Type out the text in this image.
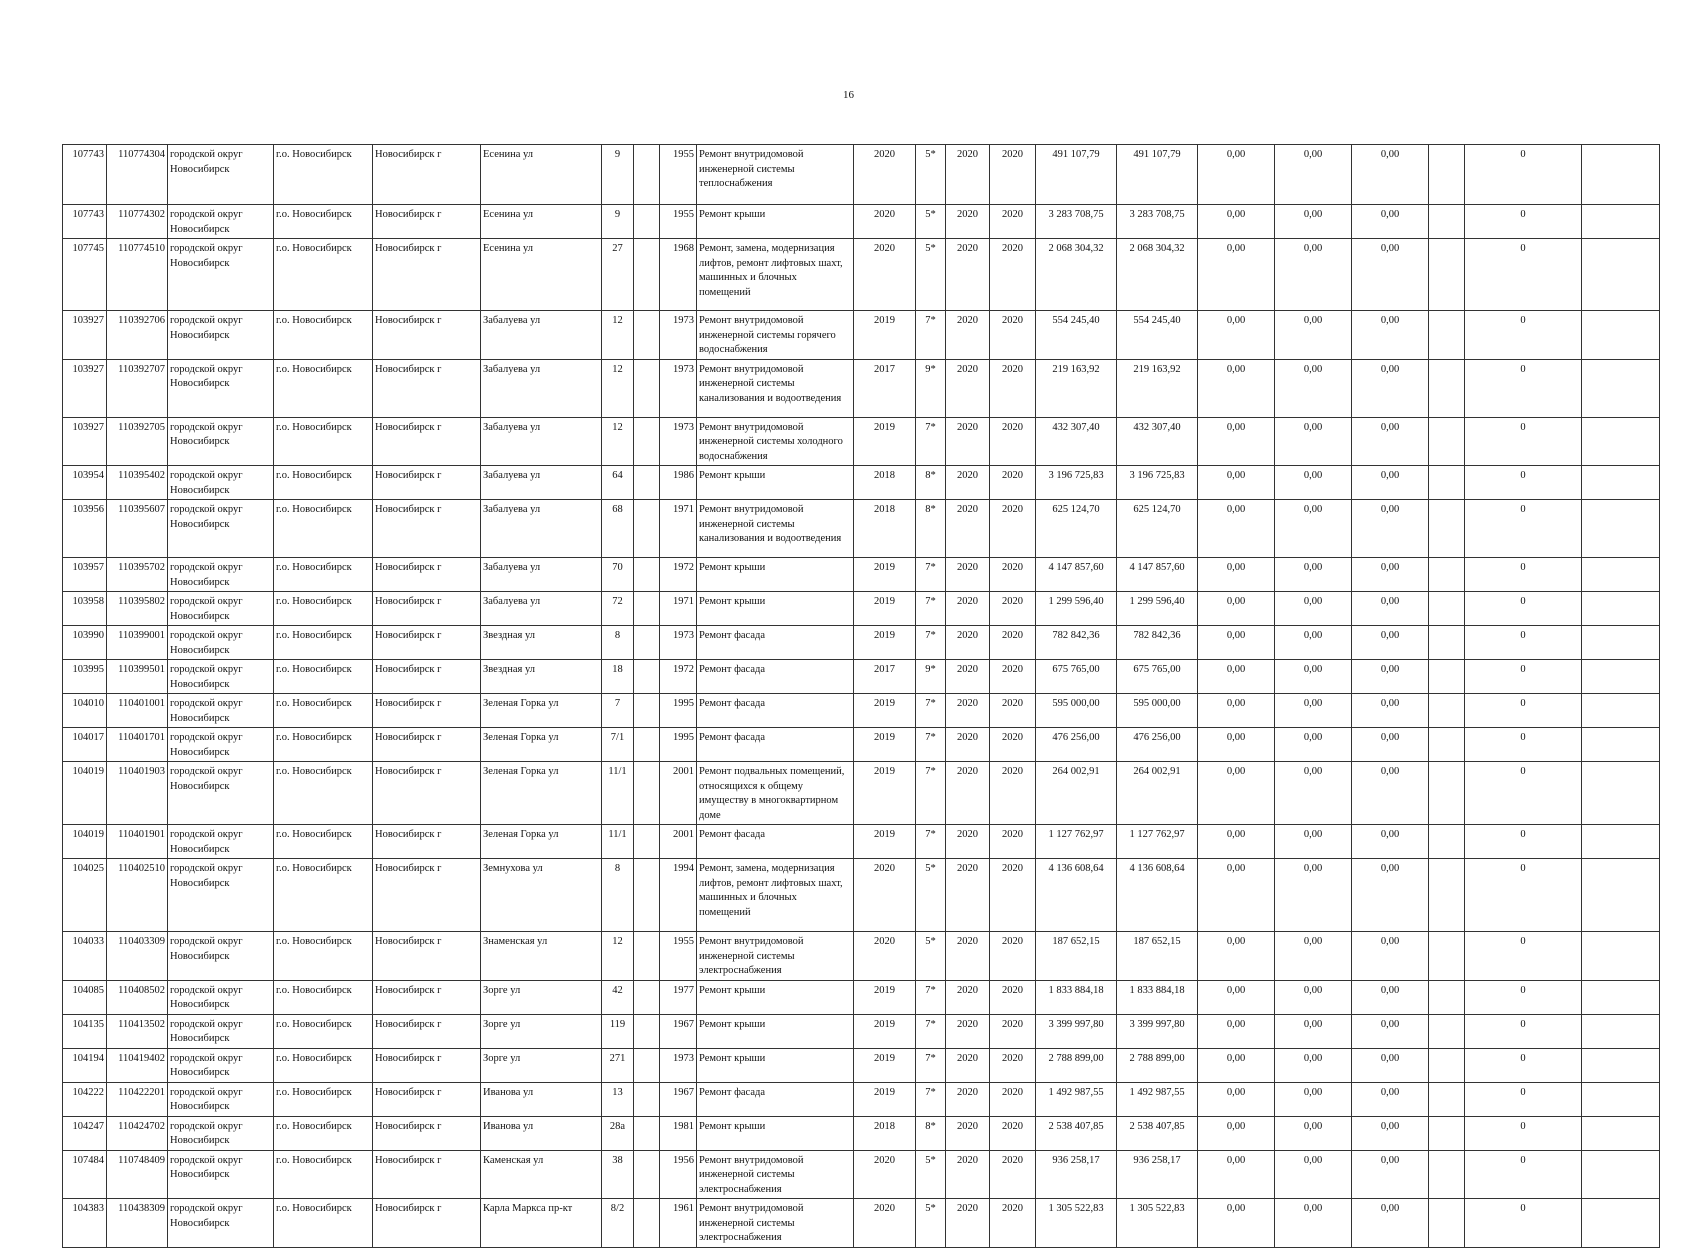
16
107743	110774304	городской округ Новосибирск	г.о. Новосибирск	Новосибирск г	Есенина ул	9		1955	Ремонт внутридомовой инженерной системы теплоснабжения	2020	5*	2020	2020	491 107,79	491 107,79	0,00	0,00	0,00		0	
107743	110774302	городской округ Новосибирск	г.о. Новосибирск	Новосибирск г	Есенина ул	9		1955	Ремонт крыши	2020	5*	2020	2020	3 283 708,75	3 283 708,75	0,00	0,00	0,00		0	
107745	110774510	городской округ Новосибирск	г.о. Новосибирск	Новосибирск г	Есенина ул	27		1968	Ремонт, замена, модернизация лифтов, ремонт лифтовых шахт, машинных и блочных помещений	2020	5*	2020	2020	2 068 304,32	2 068 304,32	0,00	0,00	0,00		0	
103927	110392706	городской округ Новосибирск	г.о. Новосибирск	Новосибирск г	Забалуева ул	12		1973	Ремонт внутридомовой инженерной системы горячего водоснабжения	2019	7*	2020	2020	554 245,40	554 245,40	0,00	0,00	0,00		0	
103927	110392707	городской округ Новосибирск	г.о. Новосибирск	Новосибирск г	Забалуева ул	12		1973	Ремонт внутридомовой инженерной системы канализования и водоотведения	2017	9*	2020	2020	219 163,92	219 163,92	0,00	0,00	0,00		0	
103927	110392705	городской округ Новосибирск	г.о. Новосибирск	Новосибирск г	Забалуева ул	12		1973	Ремонт внутридомовой инженерной системы холодного водоснабжения	2019	7*	2020	2020	432 307,40	432 307,40	0,00	0,00	0,00		0	
103954	110395402	городской округ Новосибирск	г.о. Новосибирск	Новосибирск г	Забалуева ул	64		1986	Ремонт крыши	2018	8*	2020	2020	3 196 725,83	3 196 725,83	0,00	0,00	0,00		0	
103956	110395607	городской округ Новосибирск	г.о. Новосибирск	Новосибирск г	Забалуева ул	68		1971	Ремонт внутридомовой инженерной системы канализования и водоотведения	2018	8*	2020	2020	625 124,70	625 124,70	0,00	0,00	0,00		0	
103957	110395702	городской округ Новосибирск	г.о. Новосибирск	Новосибирск г	Забалуева ул	70		1972	Ремонт крыши	2019	7*	2020	2020	4 147 857,60	4 147 857,60	0,00	0,00	0,00		0	
103958	110395802	городской округ Новосибирск	г.о. Новосибирск	Новосибирск г	Забалуева ул	72		1971	Ремонт крыши	2019	7*	2020	2020	1 299 596,40	1 299 596,40	0,00	0,00	0,00		0	
103990	110399001	городской округ Новосибирск	г.о. Новосибирск	Новосибирск г	Звездная ул	8		1973	Ремонт фасада	2019	7*	2020	2020	782 842,36	782 842,36	0,00	0,00	0,00		0	
103995	110399501	городской округ Новосибирск	г.о. Новосибирск	Новосибирск г	Звездная ул	18		1972	Ремонт фасада	2017	9*	2020	2020	675 765,00	675 765,00	0,00	0,00	0,00		0	
104010	110401001	городской округ Новосибирск	г.о. Новосибирск	Новосибирск г	Зеленая Горка ул	7		1995	Ремонт фасада	2019	7*	2020	2020	595 000,00	595 000,00	0,00	0,00	0,00		0	
104017	110401701	городской округ Новосибирск	г.о. Новосибирск	Новосибирск г	Зеленая Горка ул	7/1		1995	Ремонт фасада	2019	7*	2020	2020	476 256,00	476 256,00	0,00	0,00	0,00		0	
104019	110401903	городской округ Новосибирск	г.о. Новосибирск	Новосибирск г	Зеленая Горка ул	11/1		2001	Ремонт подвальных помещений, относящихся к общему имуществу в многоквартирном доме	2019	7*	2020	2020	264 002,91	264 002,91	0,00	0,00	0,00		0	
104019	110401901	городской округ Новосибирск	г.о. Новосибирск	Новосибирск г	Зеленая Горка ул	11/1		2001	Ремонт фасада	2019	7*	2020	2020	1 127 762,97	1 127 762,97	0,00	0,00	0,00		0	
104025	110402510	городской округ Новосибирск	г.о. Новосибирск	Новосибирск г	Земнухова ул	8		1994	Ремонт, замена, модернизация лифтов, ремонт лифтовых шахт, машинных и блочных помещений	2020	5*	2020	2020	4 136 608,64	4 136 608,64	0,00	0,00	0,00		0	
104033	110403309	городской округ Новосибирск	г.о. Новосибирск	Новосибирск г	Знаменская ул	12		1955	Ремонт внутридомовой инженерной системы электроснабжения	2020	5*	2020	2020	187 652,15	187 652,15	0,00	0,00	0,00		0	
104085	110408502	городской округ Новосибирск	г.о. Новосибирск	Новосибирск г	Зорге ул	42		1977	Ремонт крыши	2019	7*	2020	2020	1 833 884,18	1 833 884,18	0,00	0,00	0,00		0	
104135	110413502	городской округ Новосибирск	г.о. Новосибирск	Новосибирск г	Зорге ул	119		1967	Ремонт крыши	2019	7*	2020	2020	3 399 997,80	3 399 997,80	0,00	0,00	0,00		0	
104194	110419402	городской округ Новосибирск	г.о. Новосибирск	Новосибирск г	Зорге ул	271		1973	Ремонт крыши	2019	7*	2020	2020	2 788 899,00	2 788 899,00	0,00	0,00	0,00		0	
104222	110422201	городской округ Новосибирск	г.о. Новосибирск	Новосибирск г	Иванова ул	13		1967	Ремонт фасада	2019	7*	2020	2020	1 492 987,55	1 492 987,55	0,00	0,00	0,00		0	
104247	110424702	городской округ Новосибирск	г.о. Новосибирск	Новосибирск г	Иванова ул	28а		1981	Ремонт крыши	2018	8*	2020	2020	2 538 407,85	2 538 407,85	0,00	0,00	0,00		0	
107484	110748409	городской округ Новосибирск	г.о. Новосибирск	Новосибирск г	Каменская ул	38		1956	Ремонт внутридомовой инженерной системы электроснабжения	2020	5*	2020	2020	936 258,17	936 258,17	0,00	0,00	0,00		0	
104383	110438309	городской округ Новосибирск	г.о. Новосибирск	Новосибирск г	Карла Маркса пр-кт	8/2		1961	Ремонт внутридомовой инженерной системы электроснабжения	2020	5*	2020	2020	1 305 522,83	1 305 522,83	0,00	0,00	0,00		0	
